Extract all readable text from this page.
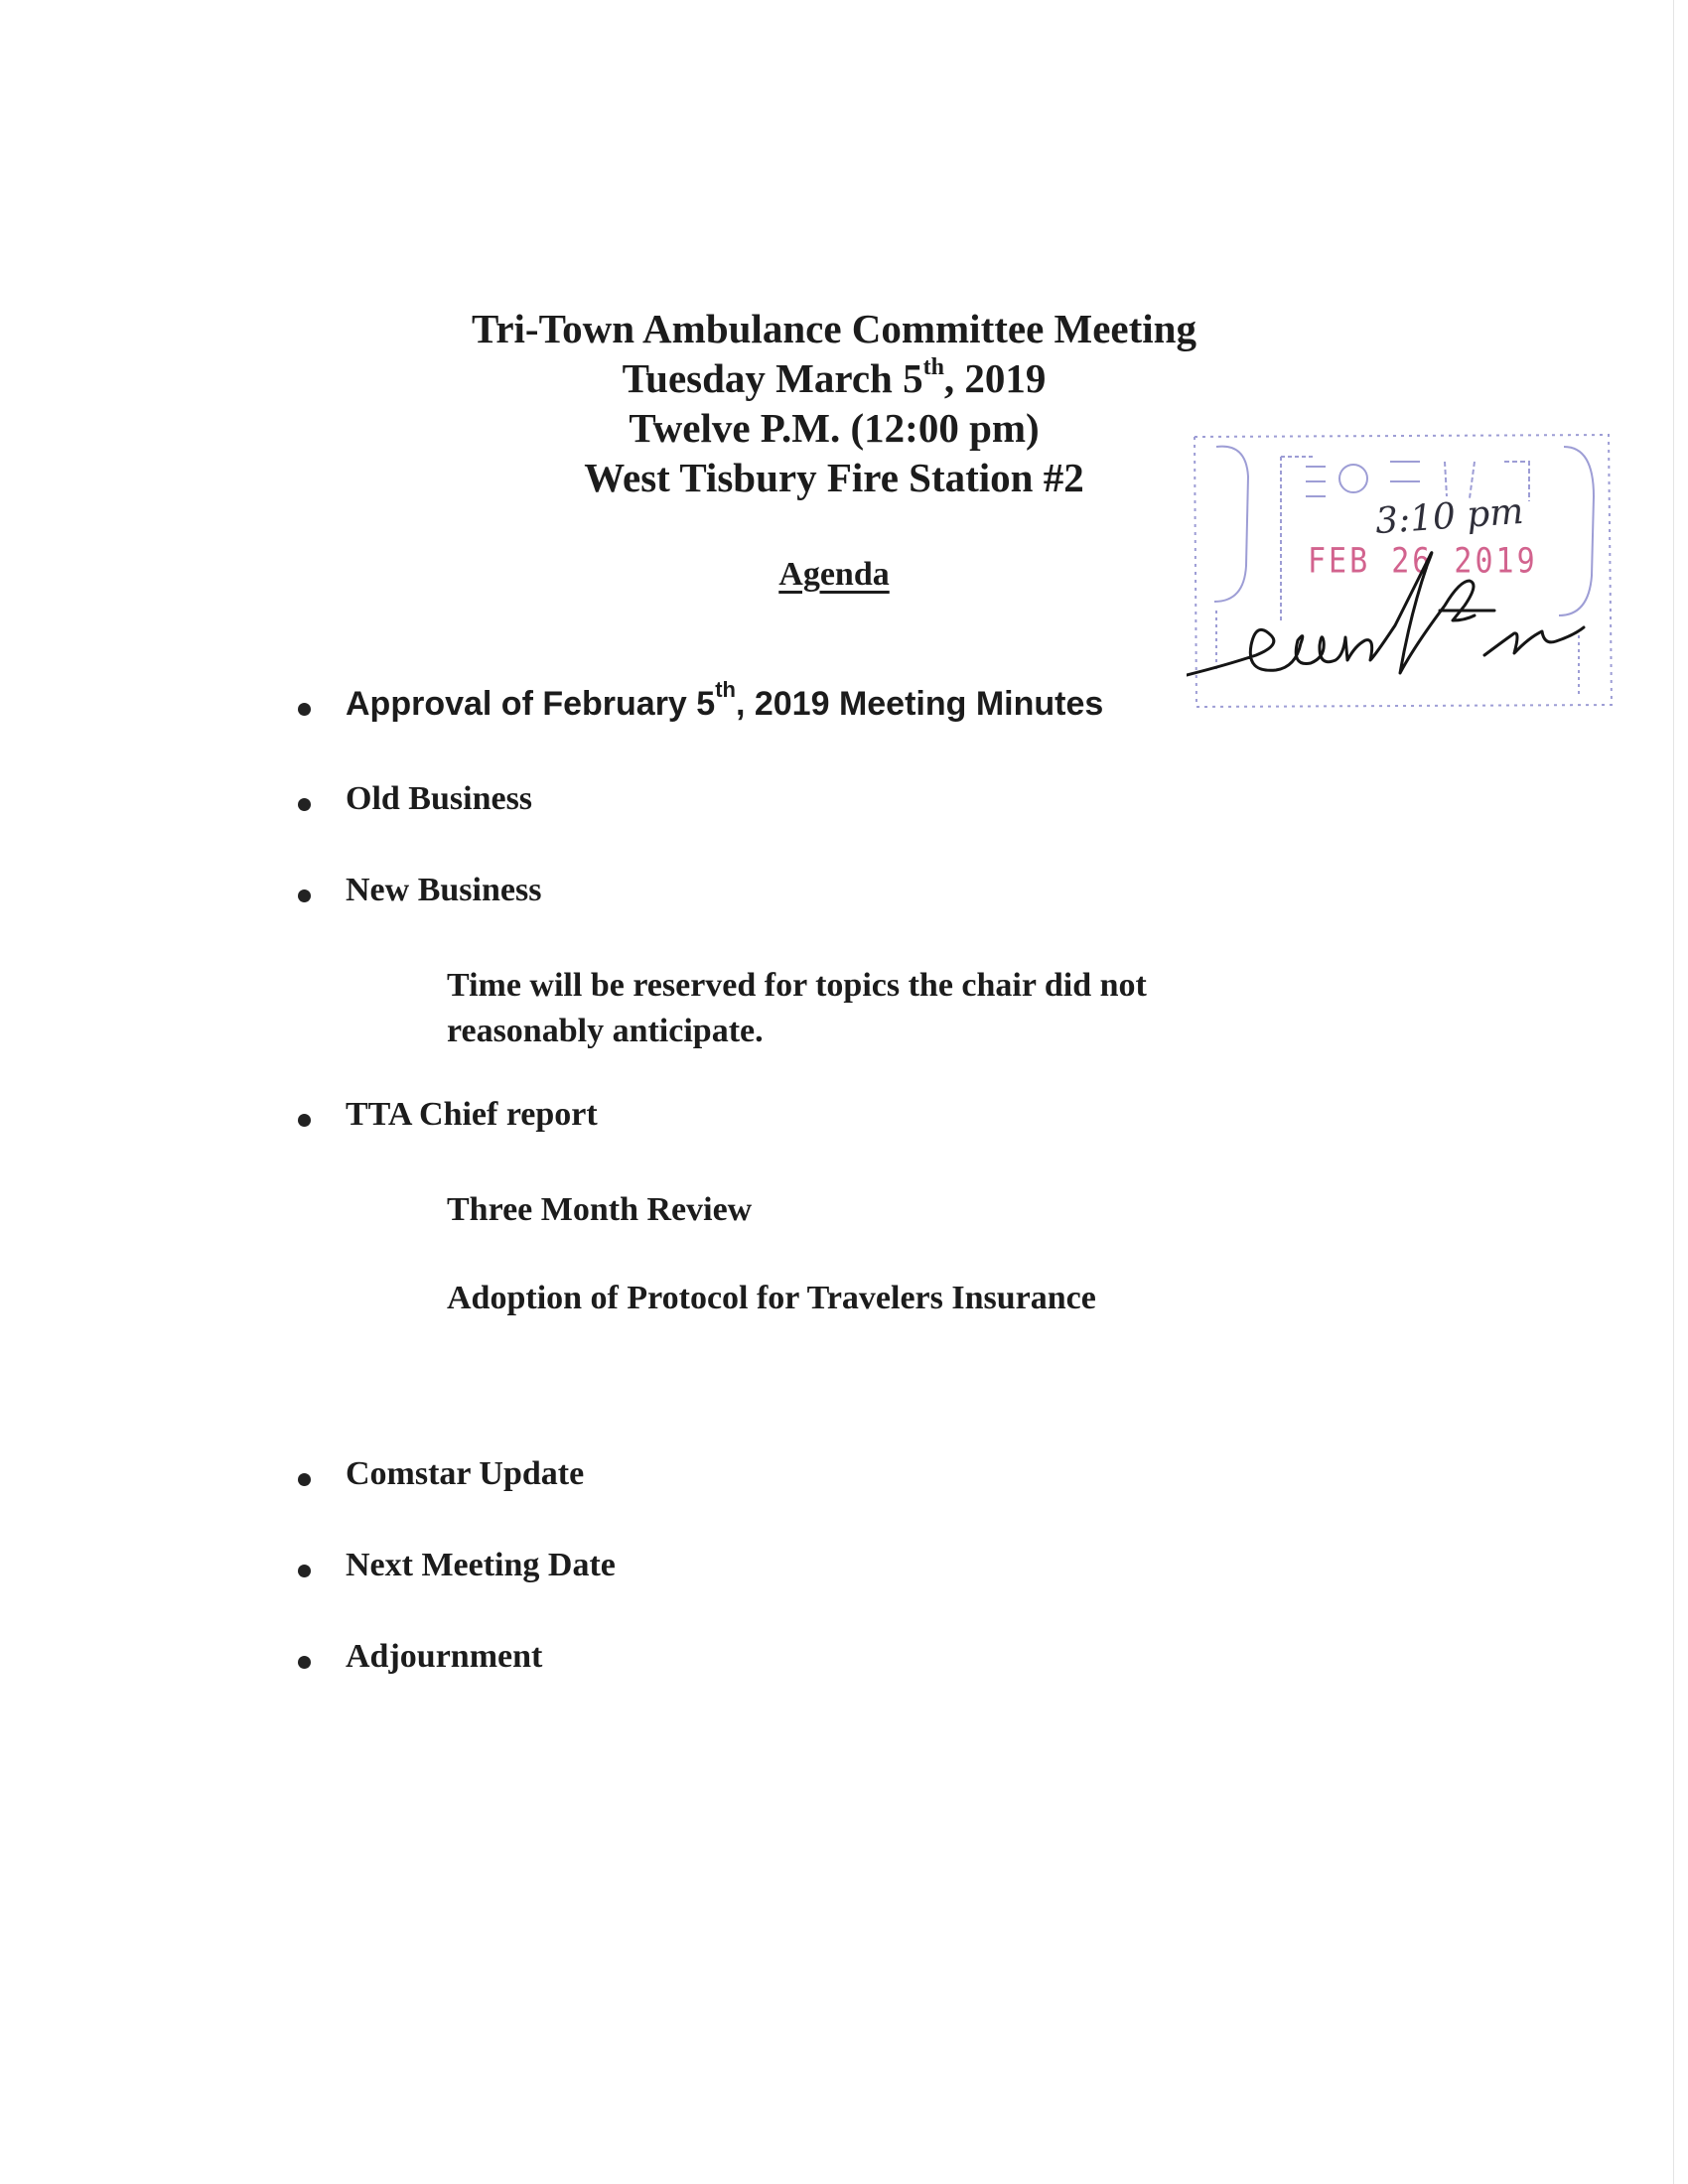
Tri-Town Ambulance Committee Meeting
Tuesday March 5th, 2019
Twelve P.M. (12:00 pm)
West Tisbury Fire Station #2
Agenda
3:10 pm
FEB 26 2019
Approval of February 5th, 2019 Meeting Minutes
Old Business
New Business
Time will be reserved for topics the chair did not
reasonably anticipate.
TTA Chief report
Three Month Review
Adoption of Protocol for Travelers Insurance
Comstar Update
Next Meeting Date
Adjournment
